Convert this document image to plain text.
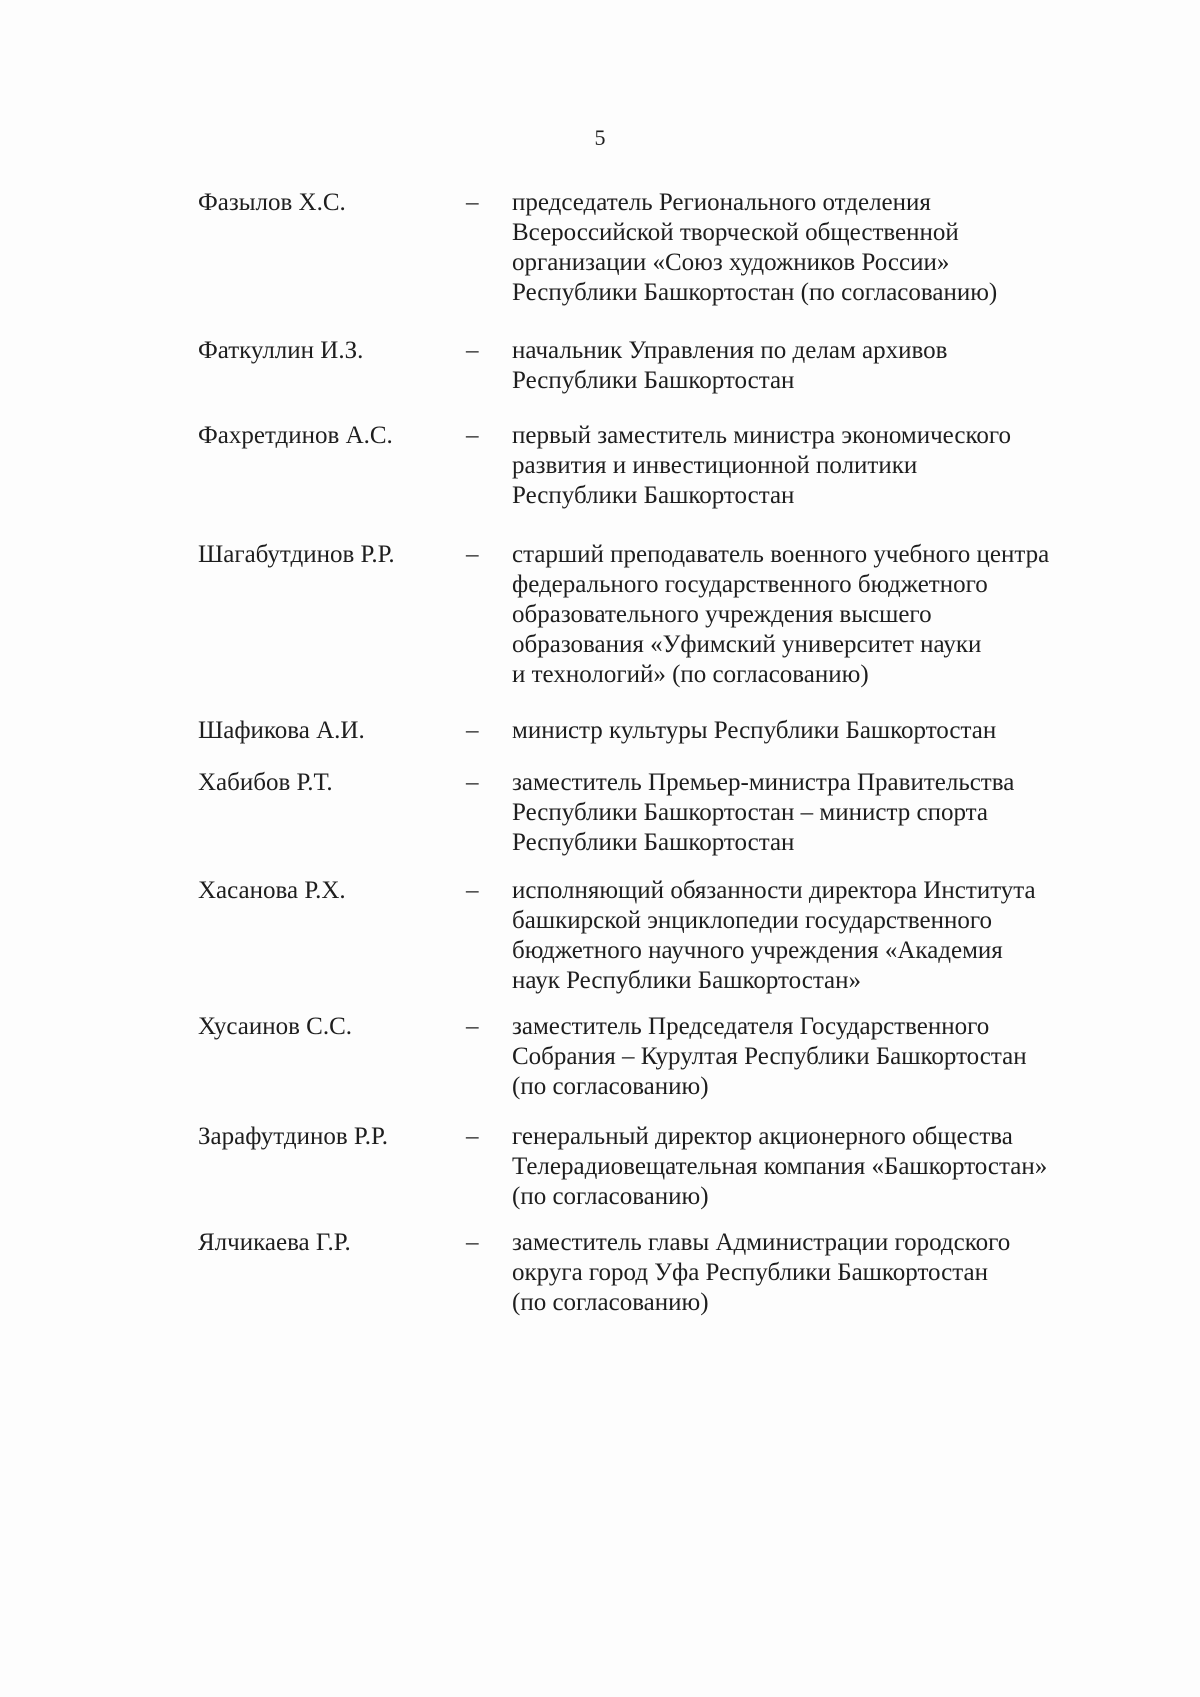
5
Фазылов Х.С.	–	председатель Регионального отделения
Всероссийской творческой общественной
организации «Союз художников России»
Республики Башкортостан (по согласованию)
Фаткуллин И.З.	–	начальник Управления по делам архивов
Республики Башкортостан
Фахретдинов А.С.	–	первый заместитель министра экономического
развития и инвестиционной политики
Республики Башкортостан
Шагабутдинов Р.Р.	–	старший преподаватель военного учебного центра
федерального государственного бюджетного
образовательного учреждения высшего
образования «Уфимский университет науки
и технологий» (по согласованию)
Шафикова А.И.	–	министр культуры Республики Башкортостан
Хабибов Р.Т.	–	заместитель Премьер-министра Правительства
Республики Башкортостан – министр спорта
Республики Башкортостан
Хасанова Р.Х.	–	исполняющий обязанности директора Института
башкирской энциклопедии государственного
бюджетного научного учреждения «Академия
наук Республики Башкортостан»
Хусаинов С.С.	–	заместитель Председателя Государственного
Собрания – Курултая Республики Башкортостан
(по согласованию)
Зарафутдинов Р.Р.	–	генеральный директор акционерного общества
Телерадиовещательная компания «Башкортостан»
(по согласованию)
Ялчикаева Г.Р.	–	заместитель главы Администрации городского
округа город Уфа Республики Башкортостан
(по согласованию)
